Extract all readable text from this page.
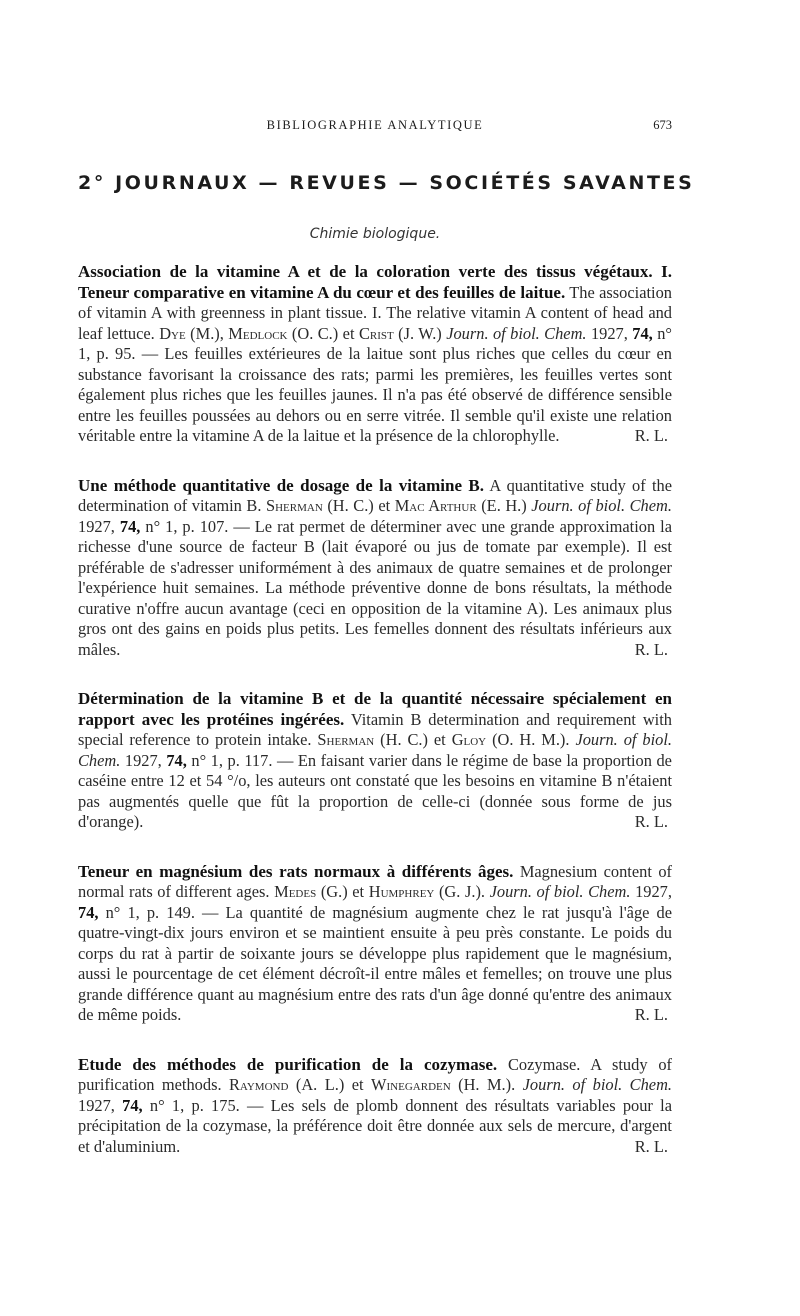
BIBLIOGRAPHIE ANALYTIQUE	673
2° JOURNAUX — REVUES — SOCIÉTÉS SAVANTES
Chimie biologique.
Association de la vitamine A et de la coloration verte des tissus végétaux. I. Teneur comparative en vitamine A du cœur et des feuilles de laitue. The association of vitamin A with greenness in plant tissue. I. The relative vitamin A content of head and leaf lettuce. Dye (M.), Medlock (O. C.) et Crist (J. W.) Journ. of biol. Chem. 1927, 74, n° 1, p. 95. — Les feuilles extérieures de la laitue sont plus riches que celles du cœur en substance favorisant la croissance des rats; parmi les premières, les feuilles vertes sont également plus riches que les feuilles jaunes. Il n'a pas été observé de différence sensible entre les feuilles poussées au dehors ou en serre vitrée. Il semble qu'il existe une relation véritable entre la vitamine A de la laitue et la présence de la chlorophylle.	R. L.
Une méthode quantitative de dosage de la vitamine B. A quantitative study of the determination of vitamin B. Sherman (H. C.) et Mac Arthur (E. H.) Journ. of biol. Chem. 1927, 74, n° 1, p. 107. — Le rat permet de déterminer avec une grande approximation la richesse d'une source de facteur B (lait évaporé ou jus de tomate par exemple). Il est préférable de s'adresser uniformément à des animaux de quatre semaines et de prolonger l'expérience huit semaines. La méthode préventive donne de bons résultats, la méthode curative n'offre aucun avantage (ceci en opposition de la vitamine A). Les animaux plus gros ont des gains en poids plus petits. Les femelles donnent des résultats inférieurs aux mâles.	R. L.
Détermination de la vitamine B et de la quantité nécessaire spécialement en rapport avec les protéines ingérées. Vitamin B determination and requirement with special reference to protein intake. Sherman (H. C.) et Gloy (O. H. M.). Journ. of biol. Chem. 1927, 74, n° 1, p. 117. — En faisant varier dans le régime de base la proportion de caséine entre 12 et 54 °/o, les auteurs ont constaté que les besoins en vitamine B n'étaient pas augmentés quelle que fût la proportion de celle-ci (donnée sous forme de jus d'orange).	R. L.
Teneur en magnésium des rats normaux à différents âges. Magnesium content of normal rats of different ages. Medes (G.) et Humphrey (G. J.). Journ. of biol. Chem. 1927, 74, n° 1, p. 149. — La quantité de magnésium augmente chez le rat jusqu'à l'âge de quatre-vingt-dix jours environ et se maintient ensuite à peu près constante. Le poids du corps du rat à partir de soixante jours se développe plus rapidement que le magnésium, aussi le pourcentage de cet élément décroît-il entre mâles et femelles; on trouve une plus grande différence quant au magnésium entre des rats d'un âge donné qu'entre des animaux de même poids.	R. L.
Etude des méthodes de purification de la cozymase. Cozymase. A study of purification methods. Raymond (A. L.) et Winegarden (H. M.). Journ. of biol. Chem. 1927, 74, n° 1, p. 175. — Les sels de plomb donnent des résultats variables pour la précipitation de la cozymase, la préférence doit être donnée aux sels de mercure, d'argent et d'aluminium.	R. L.
